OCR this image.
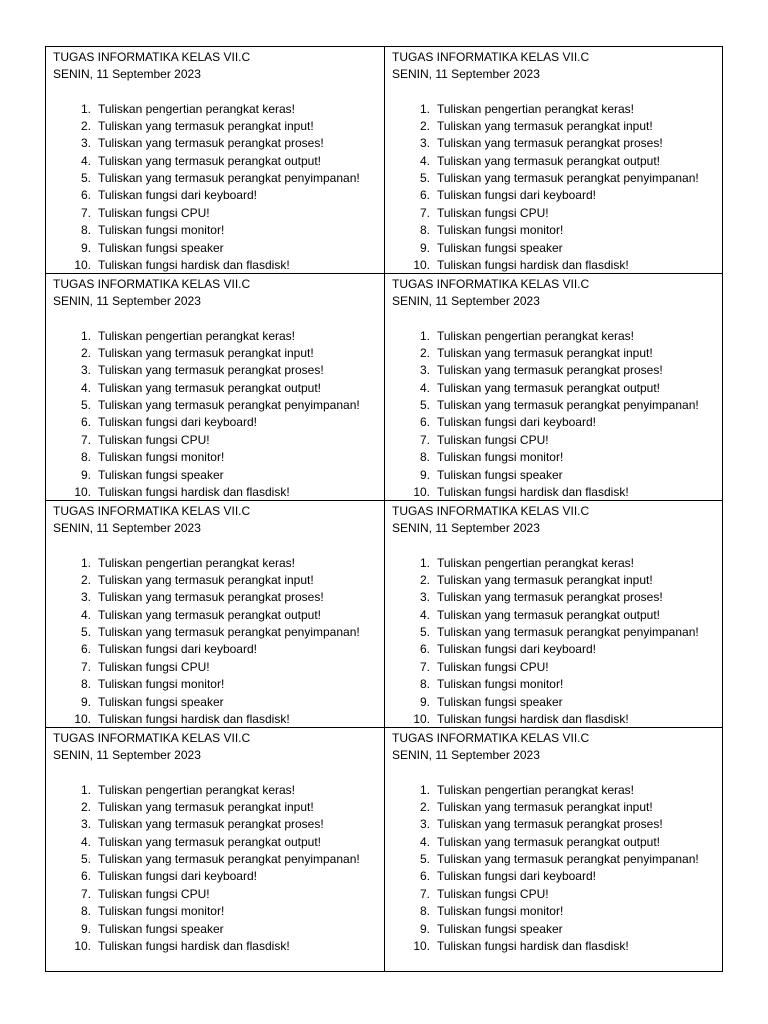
TUGAS INFORMATIKA KELAS VII.C
SENIN, 11 September 2023
1. Tuliskan pengertian perangkat keras!
2. Tuliskan yang termasuk perangkat input!
3. Tuliskan yang termasuk perangkat proses!
4. Tuliskan yang termasuk perangkat output!
5. Tuliskan yang termasuk perangkat penyimpanan!
6. Tuliskan fungsi dari keyboard!
7. Tuliskan fungsi CPU!
8. Tuliskan fungsi monitor!
9. Tuliskan fungsi speaker
10. Tuliskan fungsi hardisk dan flasdisk!
TUGAS INFORMATIKA KELAS VII.C
SENIN, 11 September 2023
1. Tuliskan pengertian perangkat keras!
2. Tuliskan yang termasuk perangkat input!
3. Tuliskan yang termasuk perangkat proses!
4. Tuliskan yang termasuk perangkat output!
5. Tuliskan yang termasuk perangkat penyimpanan!
6. Tuliskan fungsi dari keyboard!
7. Tuliskan fungsi CPU!
8. Tuliskan fungsi monitor!
9. Tuliskan fungsi speaker
10. Tuliskan fungsi hardisk dan flasdisk!
TUGAS INFORMATIKA KELAS VII.C
SENIN, 11 September 2023
1. Tuliskan pengertian perangkat keras!
2. Tuliskan yang termasuk perangkat input!
3. Tuliskan yang termasuk perangkat proses!
4. Tuliskan yang termasuk perangkat output!
5. Tuliskan yang termasuk perangkat penyimpanan!
6. Tuliskan fungsi dari keyboard!
7. Tuliskan fungsi CPU!
8. Tuliskan fungsi monitor!
9. Tuliskan fungsi speaker
10. Tuliskan fungsi hardisk dan flasdisk!
TUGAS INFORMATIKA KELAS VII.C
SENIN, 11 September 2023
1. Tuliskan pengertian perangkat keras!
2. Tuliskan yang termasuk perangkat input!
3. Tuliskan yang termasuk perangkat proses!
4. Tuliskan yang termasuk perangkat output!
5. Tuliskan yang termasuk perangkat penyimpanan!
6. Tuliskan fungsi dari keyboard!
7. Tuliskan fungsi CPU!
8. Tuliskan fungsi monitor!
9. Tuliskan fungsi speaker
10. Tuliskan fungsi hardisk dan flasdisk!
TUGAS INFORMATIKA KELAS VII.C
SENIN, 11 September 2023
1. Tuliskan pengertian perangkat keras!
2. Tuliskan yang termasuk perangkat input!
3. Tuliskan yang termasuk perangkat proses!
4. Tuliskan yang termasuk perangkat output!
5. Tuliskan yang termasuk perangkat penyimpanan!
6. Tuliskan fungsi dari keyboard!
7. Tuliskan fungsi CPU!
8. Tuliskan fungsi monitor!
9. Tuliskan fungsi speaker
10. Tuliskan fungsi hardisk dan flasdisk!
TUGAS INFORMATIKA KELAS VII.C
SENIN, 11 September 2023
1. Tuliskan pengertian perangkat keras!
2. Tuliskan yang termasuk perangkat input!
3. Tuliskan yang termasuk perangkat proses!
4. Tuliskan yang termasuk perangkat output!
5. Tuliskan yang termasuk perangkat penyimpanan!
6. Tuliskan fungsi dari keyboard!
7. Tuliskan fungsi CPU!
8. Tuliskan fungsi monitor!
9. Tuliskan fungsi speaker
10. Tuliskan fungsi hardisk dan flasdisk!
TUGAS INFORMATIKA KELAS VII.C
SENIN, 11 September 2023
1. Tuliskan pengertian perangkat keras!
2. Tuliskan yang termasuk perangkat input!
3. Tuliskan yang termasuk perangkat proses!
4. Tuliskan yang termasuk perangkat output!
5. Tuliskan yang termasuk perangkat penyimpanan!
6. Tuliskan fungsi dari keyboard!
7. Tuliskan fungsi CPU!
8. Tuliskan fungsi monitor!
9. Tuliskan fungsi speaker
10. Tuliskan fungsi hardisk dan flasdisk!
TUGAS INFORMATIKA KELAS VII.C
SENIN, 11 September 2023
1. Tuliskan pengertian perangkat keras!
2. Tuliskan yang termasuk perangkat input!
3. Tuliskan yang termasuk perangkat proses!
4. Tuliskan yang termasuk perangkat output!
5. Tuliskan yang termasuk perangkat penyimpanan!
6. Tuliskan fungsi dari keyboard!
7. Tuliskan fungsi CPU!
8. Tuliskan fungsi monitor!
9. Tuliskan fungsi speaker
10. Tuliskan fungsi hardisk dan flasdisk!
